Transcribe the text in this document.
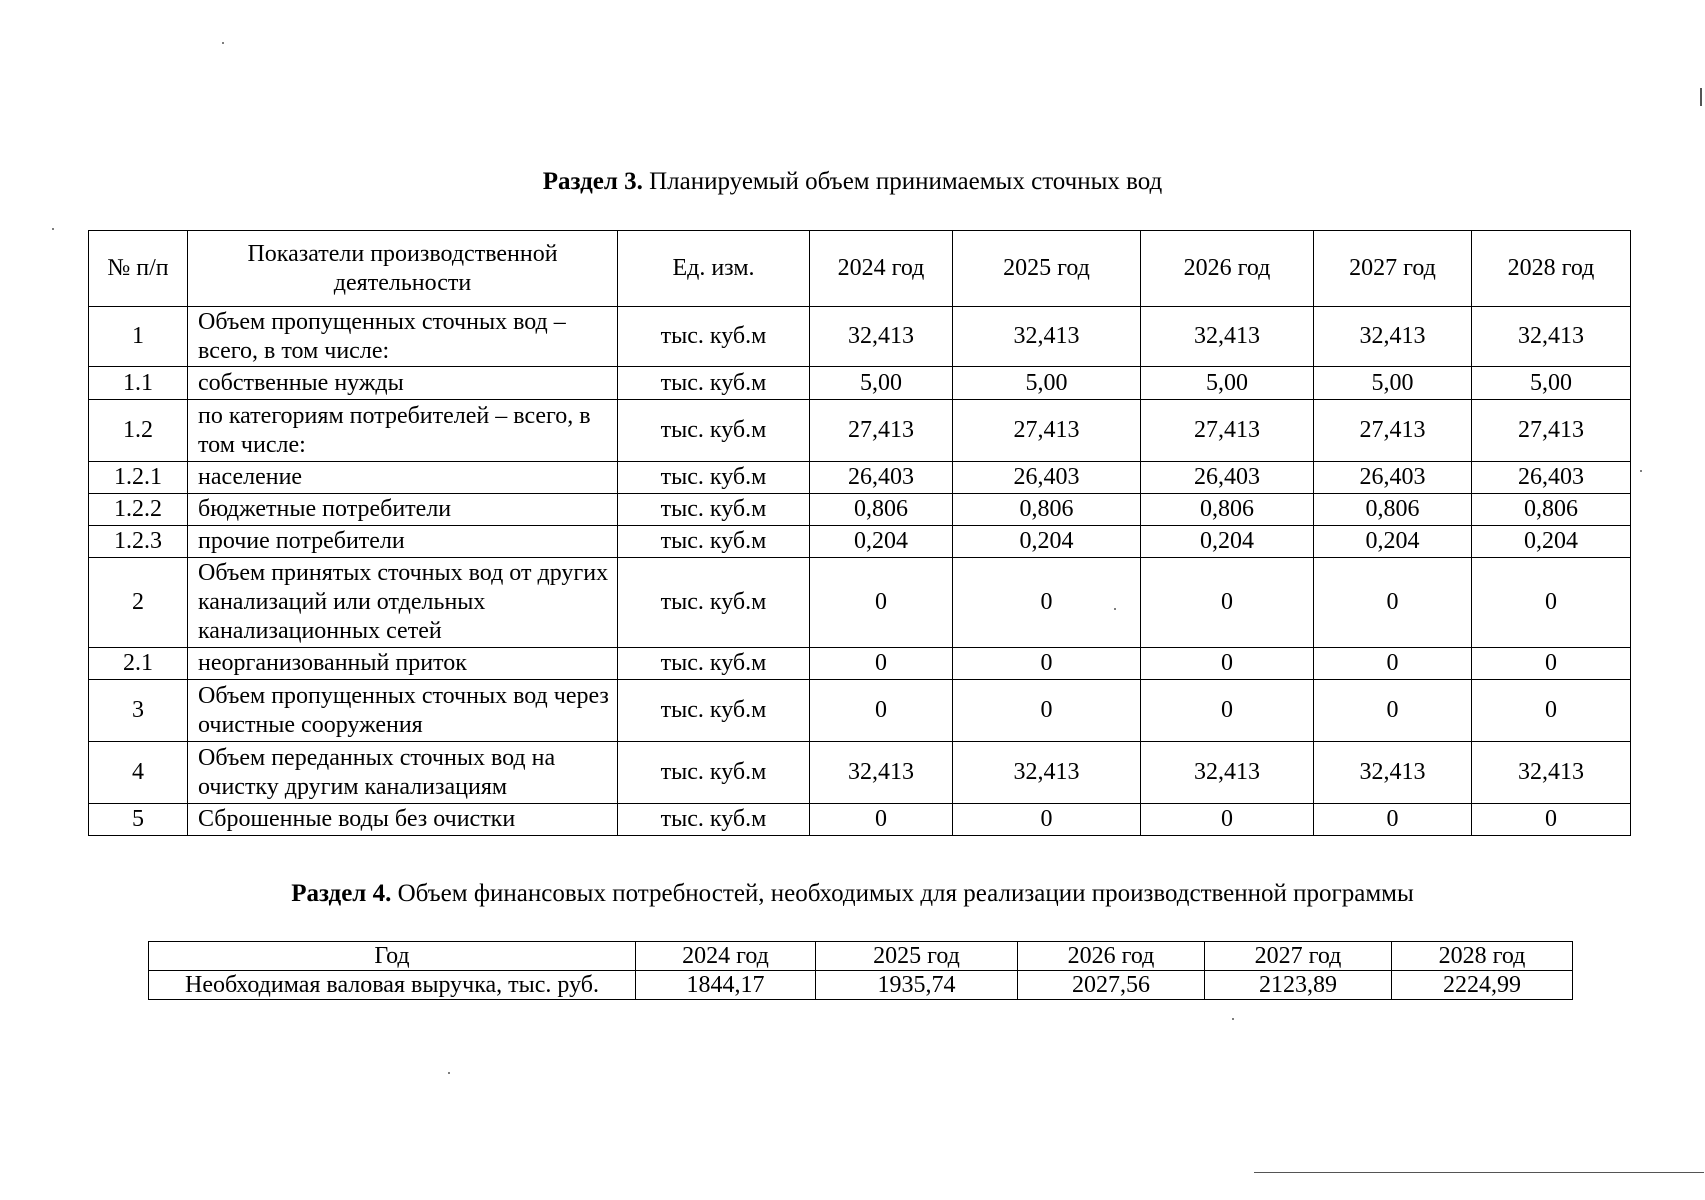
Раздел 3. Планируемый объем принимаемых сточных вод
№ п/п	Показатели производственной деятельности	Ед. изм.	2024 год	2025 год	2026 год	2027 год	2028 год
1	Объем пропущенных сточных вод – всего, в том числе:	тыс. куб.м	32,413	32,413	32,413	32,413	32,413
1.1	собственные нужды	тыс. куб.м	5,00	5,00	5,00	5,00	5,00
1.2	по категориям потребителей – всего, в том числе:	тыс. куб.м	27,413	27,413	27,413	27,413	27,413
1.2.1	население	тыс. куб.м	26,403	26,403	26,403	26,403	26,403
1.2.2	бюджетные потребители	тыс. куб.м	0,806	0,806	0,806	0,806	0,806
1.2.3	прочие потребители	тыс. куб.м	0,204	0,204	0,204	0,204	0,204
2	Объем принятых сточных вод от других канализаций или отдельных канализационных сетей	тыс. куб.м	0	0	0	0	0
2.1	неорганизованный приток	тыс. куб.м	0	0	0	0	0
3	Объем пропущенных сточных вод через очистные сооружения	тыс. куб.м	0	0	0	0	0
4	Объем переданных сточных вод на очистку другим канализациям	тыс. куб.м	32,413	32,413	32,413	32,413	32,413
5	Сброшенные воды без очистки	тыс. куб.м	0	0	0	0	0
Раздел 4. Объем финансовых потребностей, необходимых для реализации производственной программы
Год	2024 год	2025 год	2026 год	2027 год	2028 год
Необходимая валовая выручка, тыс. руб.	1844,17	1935,74	2027,56	2123,89	2224,99
